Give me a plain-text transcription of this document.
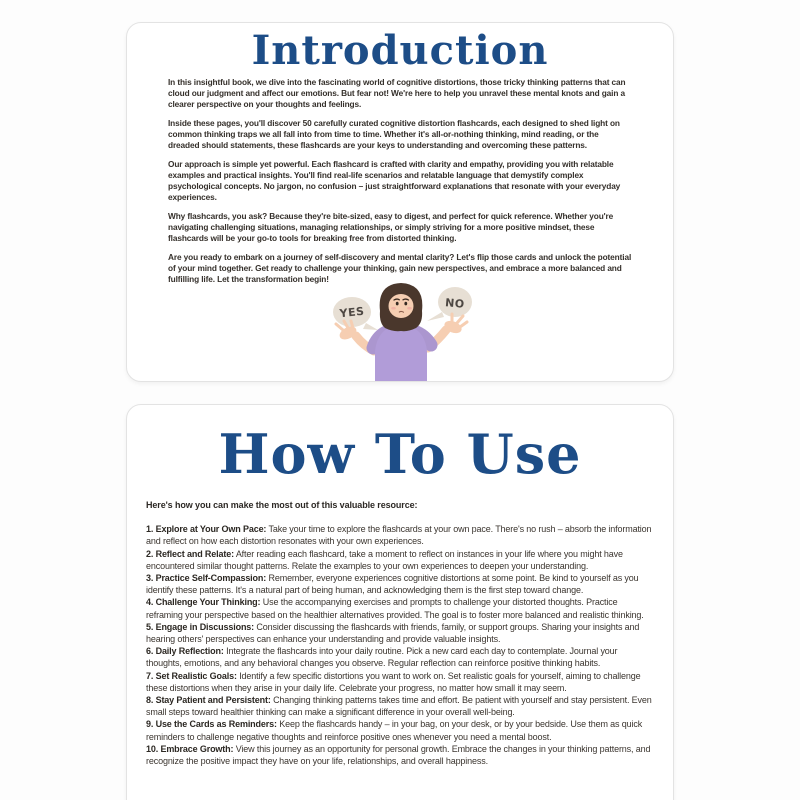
Introduction

In this insightful book, we dive into the fascinating world of cognitive distortions, those tricky thinking patterns that can cloud our judgment and affect our emotions. But fear not! We're here to help you unravel these mental knots and gain a clearer perspective on your thoughts and feelings.

Inside these pages, you'll discover 50 carefully curated cognitive distortion flashcards, each designed to shed light on common thinking traps we all fall into from time to time. Whether it's all-or-nothing thinking, mind reading, or the dreaded should statements, these flashcards are your keys to understanding and overcoming these patterns.

Our approach is simple yet powerful. Each flashcard is crafted with clarity and empathy, providing you with relatable examples and practical insights. You'll find real-life scenarios and relatable language that demystify complex psychological concepts. No jargon, no confusion – just straightforward explanations that resonate with your everyday experiences.

Why flashcards, you ask? Because they're bite-sized, easy to digest, and perfect for quick reference. Whether you're navigating challenging situations, managing relationships, or simply striving for a more positive mindset, these flashcards will be your go-to tools for breaking free from distorted thinking.

Are you ready to embark on a journey of self-discovery and mental clarity? Let's flip those cards and unlock the potential of your mind together. Get ready to challenge your thinking, gain new perspectives, and embrace a more balanced and fulfilling life. Let the transformation begin!

YES
NO
How To Use

Here's how you can make the most out of this valuable resource:

1. Explore at Your Own Pace: Take your time to explore the flashcards at your own pace. There's no rush – absorb the information and reflect on how each distortion resonates with your own experiences.

2. Reflect and Relate: After reading each flashcard, take a moment to reflect on instances in your life where you might have encountered similar thought patterns. Relate the examples to your own experiences to deepen your understanding.

3. Practice Self-Compassion: Remember, everyone experiences cognitive distortions at some point. Be kind to yourself as you identify these patterns. It's a natural part of being human, and acknowledging them is the first step toward change.

4. Challenge Your Thinking: Use the accompanying exercises and prompts to challenge your distorted thoughts. Practice reframing your perspective based on the healthier alternatives provided. The goal is to foster more balanced and realistic thinking.

5. Engage in Discussions: Consider discussing the flashcards with friends, family, or support groups. Sharing your insights and hearing others' perspectives can enhance your understanding and provide valuable insights.

6. Daily Reflection: Integrate the flashcards into your daily routine. Pick a new card each day to contemplate. Journal your thoughts, emotions, and any behavioral changes you observe. Regular reflection can reinforce positive thinking habits.

7. Set Realistic Goals: Identify a few specific distortions you want to work on. Set realistic goals for yourself, aiming to challenge these distortions when they arise in your daily life. Celebrate your progress, no matter how small it may seem.

8. Stay Patient and Persistent: Changing thinking patterns takes time and effort. Be patient with yourself and stay persistent. Even small steps toward healthier thinking can make a significant difference in your overall well-being.

9. Use the Cards as Reminders: Keep the flashcards handy – in your bag, on your desk, or by your bedside. Use them as quick reminders to challenge negative thoughts and reinforce positive ones whenever you need a mental boost.

10. Embrace Growth: View this journey as an opportunity for personal growth. Embrace the changes in your thinking patterns, and recognize the positive impact they have on your life, relationships, and overall happiness.
